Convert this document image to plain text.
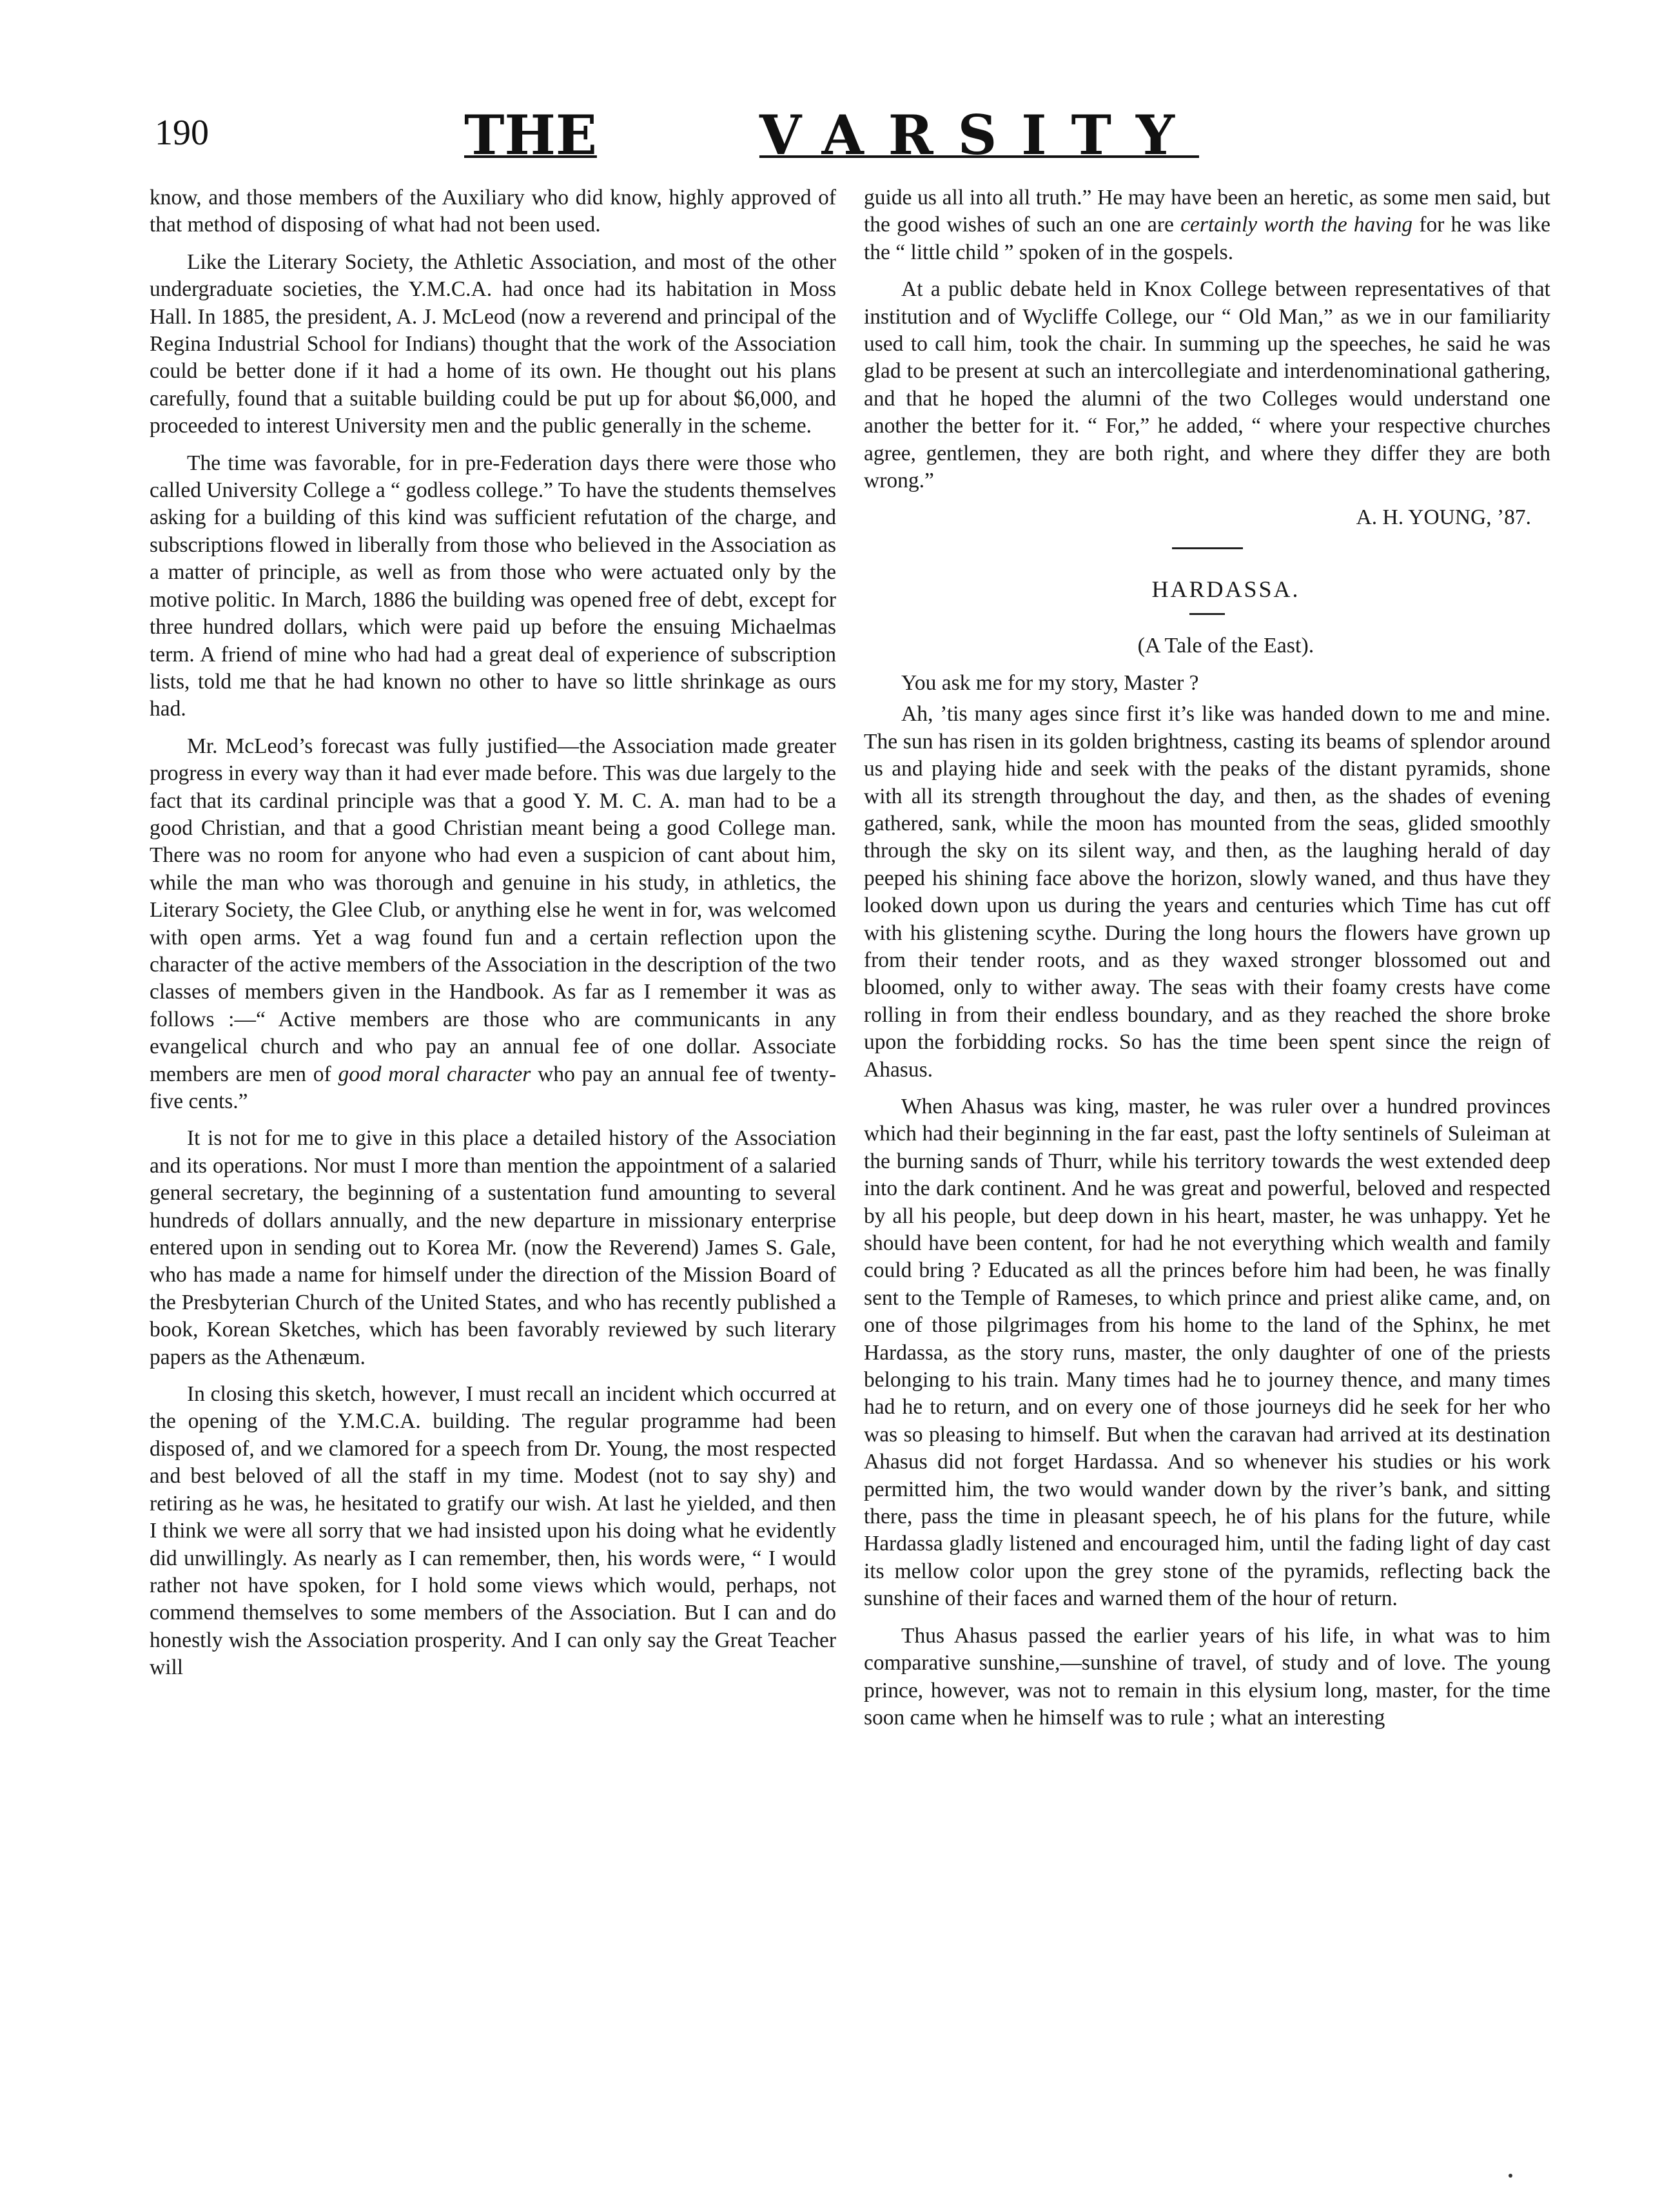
190	THE	VARSITY

know, and those members of the Auxiliary who did know, highly approved of that method of disposing of what had not been used.

Like the Literary Society, the Athletic Association, and most of the other undergraduate societies, the Y.M.C.A. had once had its habitation in Moss Hall. In 1885, the president, A. J. McLeod (now a reverend and principal of the Regina Industrial School for Indians) thought that the work of the Association could be better done if it had a home of its own. He thought out his plans carefully, found that a suitable building could be put up for about $6,000, and proceeded to interest University men and the public generally in the scheme.

The time was favorable, for in pre-Federation days there were those who called University College a “ godless college.” To have the students themselves asking for a building of this kind was sufficient refutation of the charge, and subscriptions flowed in liberally from those who believed in the Association as a matter of principle, as well as from those who were actuated only by the motive politic. In March, 1886 the building was opened free of debt, except for three hundred dollars, which were paid up before the ensuing Michaelmas term. A friend of mine who had had a great deal of experience of subscription lists, told me that he had known no other to have so little shrinkage as ours had.

Mr. McLeod’s forecast was fully justified—the Association made greater progress in every way than it had ever made before. This was due largely to the fact that its cardinal principle was that a good Y. M. C. A. man had to be a good Christian, and that a good Christian meant being a good College man. There was no room for anyone who had even a suspicion of cant about him, while the man who was thorough and genuine in his study, in athletics, the Literary Society, the Glee Club, or anything else he went in for, was welcomed with open arms. Yet a wag found fun and a certain reflection upon the character of the active members of the Association in the description of the two classes of members given in the Handbook. As far as I remember it was as follows :—“ Active members are those who are communicants in any evangelical church and who pay an annual fee of one dollar. Associate members are men of good moral character who pay an annual fee of twenty-five cents.”

It is not for me to give in this place a detailed history of the Association and its operations. Nor must I more than mention the appointment of a salaried general secretary, the beginning of a sustentation fund amounting to several hundreds of dollars annually, and the new departure in missionary enterprise entered upon in sending out to Korea Mr. (now the Reverend) James S. Gale, who has made a name for himself under the direction of the Mission Board of the Presbyterian Church of the United States, and who has recently published a book, Korean Sketches, which has been favorably reviewed by such literary papers as the Athenæum.

In closing this sketch, however, I must recall an incident which occurred at the opening of the Y.M.C.A. building. The regular programme had been disposed of, and we clamored for a speech from Dr. Young, the most respected and best beloved of all the staff in my time. Modest (not to say shy) and retiring as he was, he hesitated to gratify our wish. At last he yielded, and then I think we were all sorry that we had insisted upon his doing what he evidently did unwillingly. As nearly as I can remember, then, his words were, “ I would rather not have spoken, for I hold some views which would, perhaps, not commend themselves to some members of the Association. But I can and do honestly wish the Association prosperity. And I can only say the Great Teacher will

guide us all into all truth.” He may have been an heretic, as some men said, but the good wishes of such an one are certainly worth the having for he was like the “ little child ” spoken of in the gospels.

At a public debate held in Knox College between representatives of that institution and of Wycliffe College, our “ Old Man,” as we in our familiarity used to call him, took the chair. In summing up the speeches, he said he was glad to be present at such an intercollegiate and interdenominational gathering, and that he hoped the alumni of the two Colleges would understand one another the better for it. “ For,” he added, “ where your respective churches agree, gentlemen, they are both right, and where they differ they are both wrong.”

A. H. YOUNG, ’87.

HARDASSA.

(A Tale of the East).

You ask me for my story, Master ?

Ah, ’tis many ages since first it’s like was handed down to me and mine. The sun has risen in its golden brightness, casting its beams of splendor around us and playing hide and seek with the peaks of the distant pyramids, shone with all its strength throughout the day, and then, as the shades of evening gathered, sank, while the moon has mounted from the seas, glided smoothly through the sky on its silent way, and then, as the laughing herald of day peeped his shining face above the horizon, slowly waned, and thus have they looked down upon us during the years and centuries which Time has cut off with his glistening scythe. During the long hours the flowers have grown up from their tender roots, and as they waxed stronger blossomed out and bloomed, only to wither away. The seas with their foamy crests have come rolling in from their endless boundary, and as they reached the shore broke upon the forbidding rocks. So has the time been spent since the reign of Ahasus.

When Ahasus was king, master, he was ruler over a hundred provinces which had their beginning in the far east, past the lofty sentinels of Suleiman at the burning sands of Thurr, while his territory towards the west extended deep into the dark continent. And he was great and powerful, beloved and respected by all his people, but deep down in his heart, master, he was unhappy. Yet he should have been content, for had he not everything which wealth and family could bring ? Educated as all the princes before him had been, he was finally sent to the Temple of Rameses, to which prince and priest alike came, and, on one of those pilgrimages from his home to the land of the Sphinx, he met Hardassa, as the story runs, master, the only daughter of one of the priests belonging to his train. Many times had he to journey thence, and many times had he to return, and on every one of those journeys did he seek for her who was so pleasing to himself. But when the caravan had arrived at its destination Ahasus did not forget Hardassa. And so whenever his studies or his work permitted him, the two would wander down by the river’s bank, and sitting there, pass the time in pleasant speech, he of his plans for the future, while Hardassa gladly listened and encouraged him, until the fading light of day cast its mellow color upon the grey stone of the pyramids, reflecting back the sunshine of their faces and warned them of the hour of return.

Thus Ahasus passed the earlier years of his life, in what was to him comparative sunshine,—sunshine of travel, of study and of love. The young prince, however, was not to remain in this elysium long, master, for the time soon came when he himself was to rule ; what an interesting
